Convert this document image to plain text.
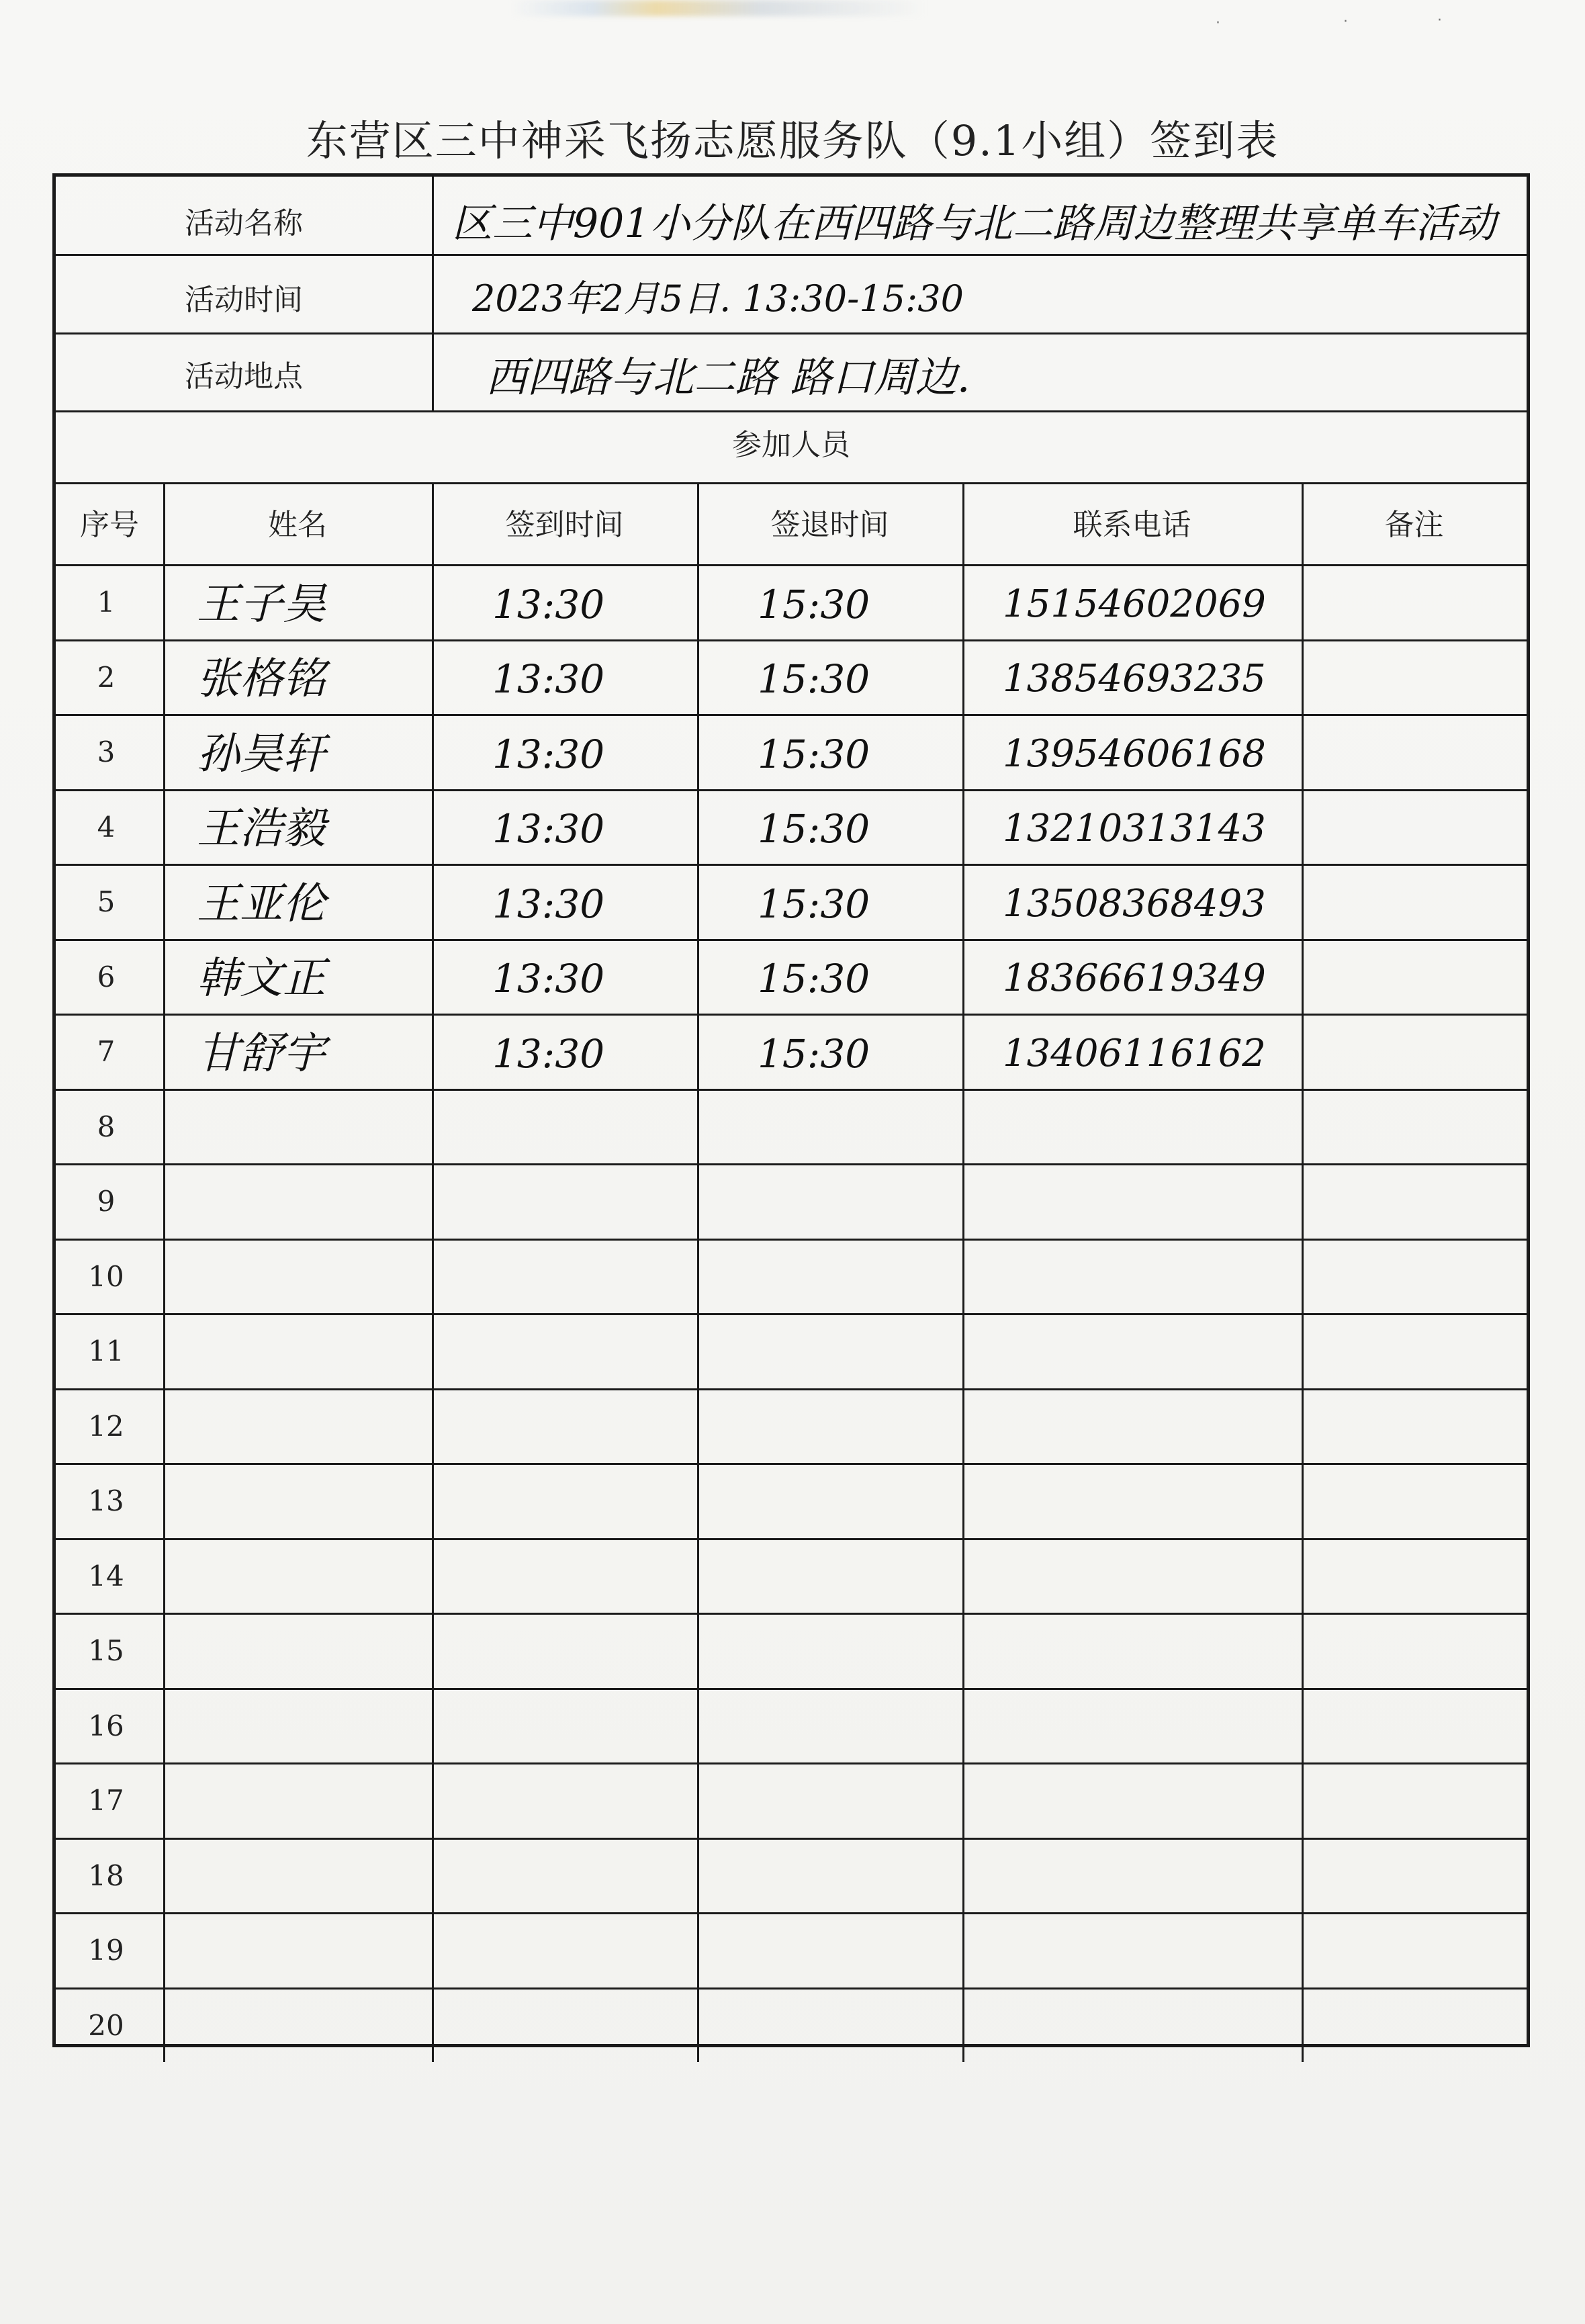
·	·	·
东营区三中神采飞扬志愿服务队（9.1小组）签到表
活动名称	区三中901小分队在西四路与北二路周边整理共享单车活动
活动时间	2023年2月5日. 13:30-15:30
活动地点	西四路与北二路 路口周边.
参加人员
序号	姓名	签到时间	签退时间	联系电话	备注
1	王子昊	13:30	15:30	15154602069
2	张格铭	13:30	15:30	13854693235
3	孙昊轩	13:30	15:30	13954606168
4	王浩毅	13:30	15:30	13210313143
5	王亚伦	13:30	15:30	13508368493
6	韩文正	13:30	15:30	18366619349
7	甘舒宇	13:30	15:30	13406116162
8
9
10
11
12
13
14
15
16
17
18
19
20
